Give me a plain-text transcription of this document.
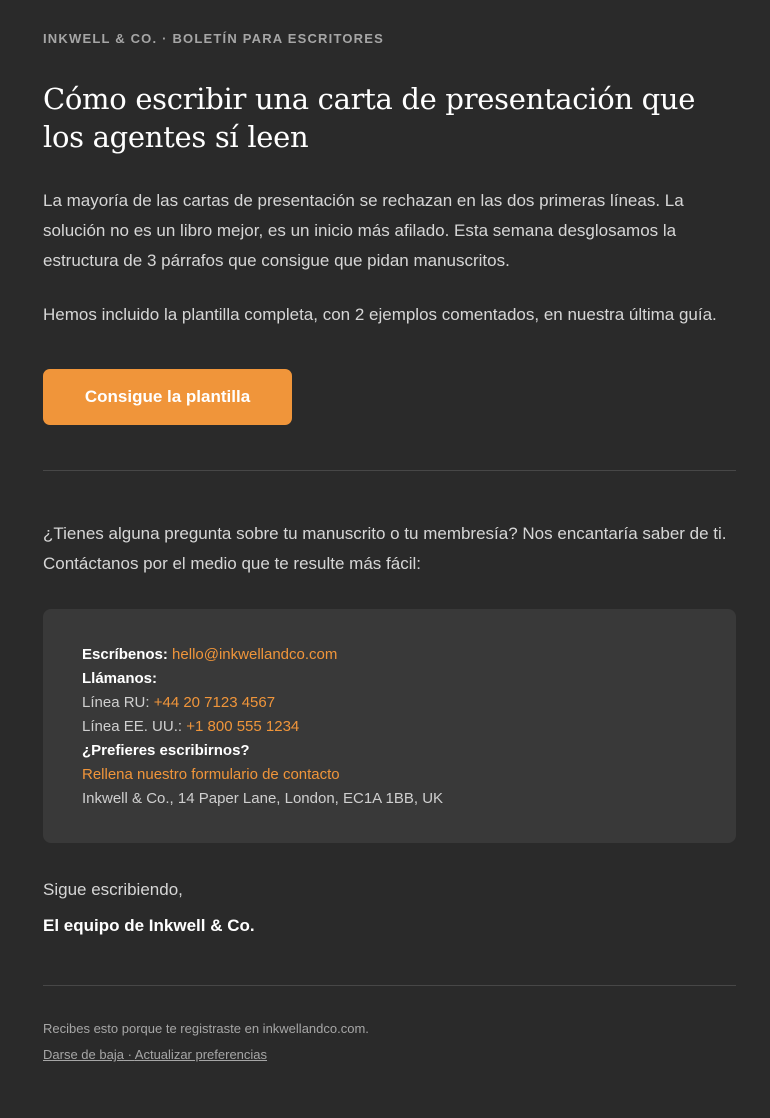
INKWELL & CO. · BOLETÍN PARA ESCRITORES
Cómo escribir una carta de presentación que los agentes sí leen

La mayoría de las cartas de presentación se rechazan en las dos primeras líneas. La solución no es un libro mejor, es un inicio más afilado. Esta semana desglosamos la estructura de 3 párrafos que consigue que pidan manuscritos.

Hemos incluido la plantilla completa, con 2 ejemplos comentados, en nuestra última guía.

Consigue la plantilla

¿Tienes alguna pregunta sobre tu manuscrito o tu membresía? Nos encantaría saber de ti. Contáctanos por el medio que te resulte más fácil:

Escríbenos: hello@inkwellandco.com
Llámanos:
Línea RU: +44 20 7123 4567
Línea EE. UU.: +1 800 555 1234
¿Prefieres escribirnos?
Rellena nuestro formulario de contacto
Inkwell & Co., 14 Paper Lane, London, EC1A 1BB, UK

Sigue escribiendo,

El equipo de Inkwell & Co.

Recibes esto porque te registraste en inkwellandco.com.

Darse de baja · Actualizar preferencias
